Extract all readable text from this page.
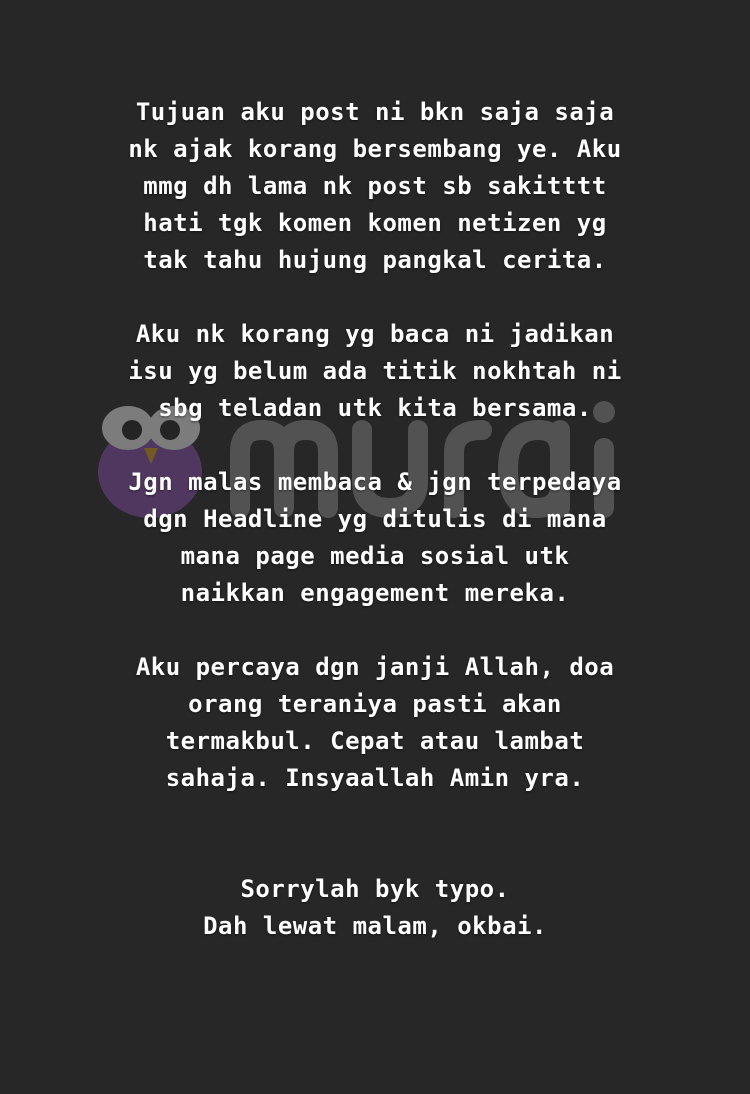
Tujuan aku post ni bkn saja saja
nk ajak korang bersembang ye. Aku
mmg dh lama nk post sb sakitttt
hati tgk komen komen netizen yg
tak tahu hujung pangkal cerita.

Aku nk korang yg baca ni jadikan
isu yg belum ada titik nokhtah ni
sbg teladan utk kita bersama.

Jgn malas membaca & jgn terpedaya
dgn Headline yg ditulis di mana
mana page media sosial utk
naikkan engagement mereka.

Aku percaya dgn janji Allah, doa
orang teraniya pasti akan
termakbul. Cepat atau lambat
sahaja. Insyaallah Amin yra.

Sorrylah byk typo.
Dah lewat malam, okbai.
